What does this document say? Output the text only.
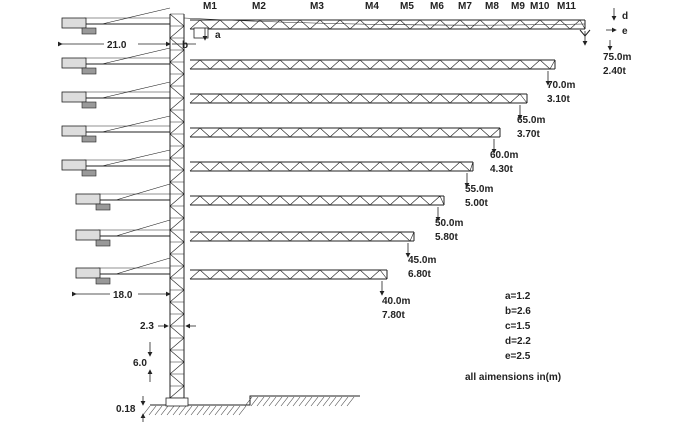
M1	M2	M3	M4 M5 M6 M7 M8 M9 M10 M11
75.0m
2.40t
70.0m
3.10t
65.0m
3.70t
60.0m
4.30t
55.0m
5.00t
50.0m
5.80t
45.0m
6.80t
40.0m
7.80t
21.0	b
a
d
e
18.0
2.3
6.0
0.18
a=1.2
b=2.6
c=1.5
d=2.2
e=2.5
all aimensions in(m)
